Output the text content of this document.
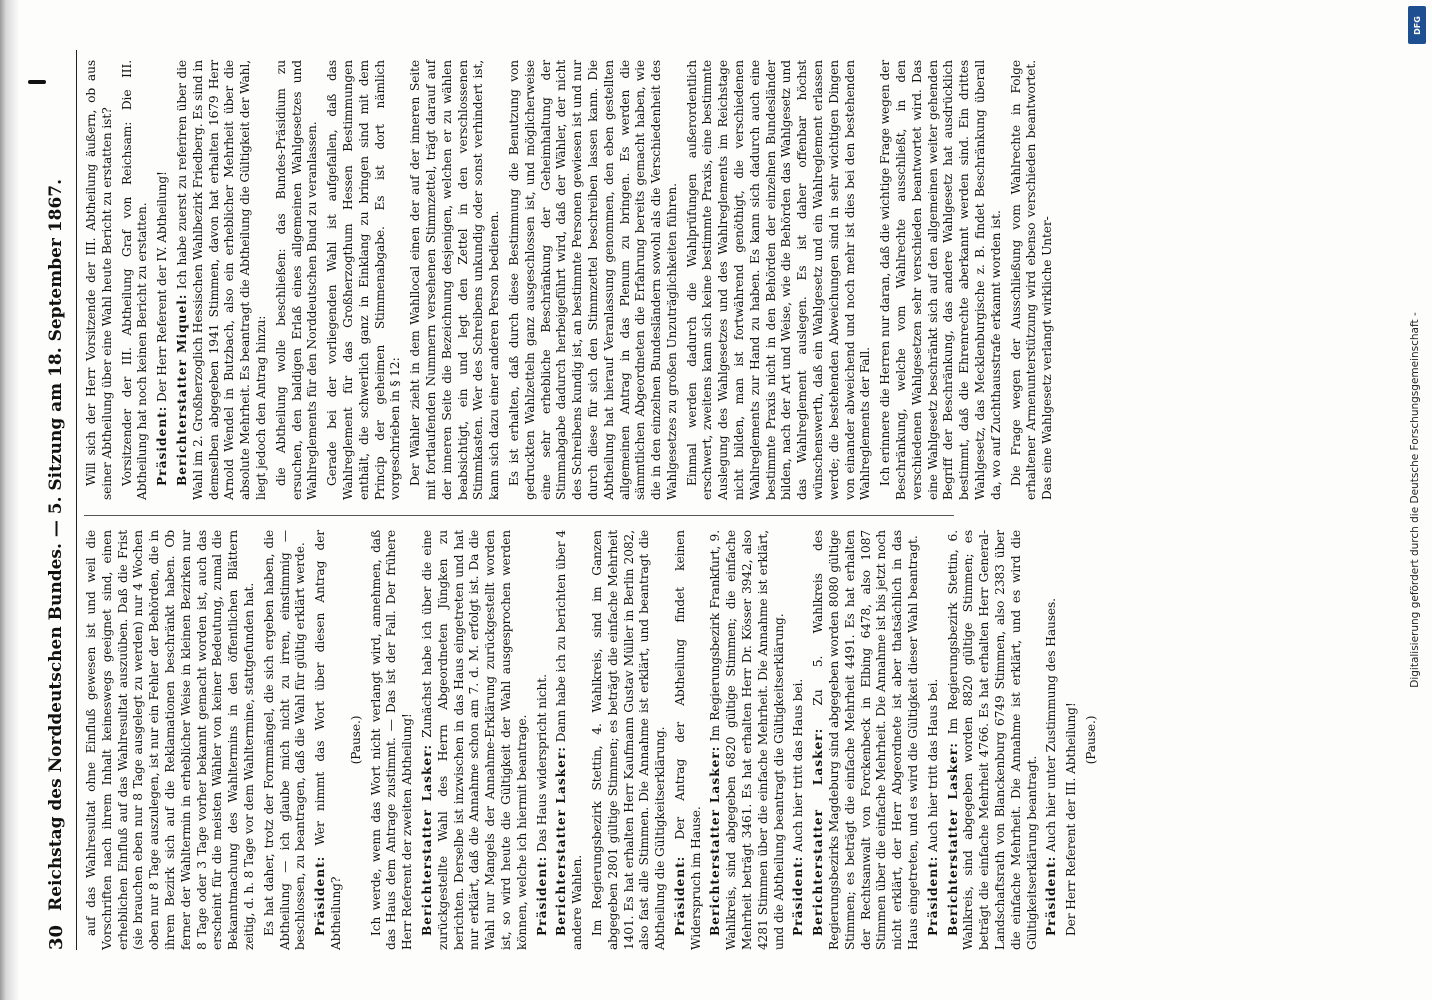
30
Reichstag des Norddeutschen Bundes. — 5. Sitzung am 18. September 1867. auf das Wahlresultat ohne Einfluß gewesen ist und weil die Vorschriften nach ihrem Inhalt keineswegs geeignet sind, einen erheblichen Einfluß auf das Wahlresultat auszuüben. Daß die Frist (sie brauchen eben nur 8 Tage ausgelegt zu werden) nur 4 Wochen oben nur 8 Tage auszulegen, ist nur ein Fehler der Behörden, die in ihrem Bezirk sich auf die Reklamationen beschränkt haben. Ob ferner der Wahltermin in erheblicher Weise in kleinen Bezirken nur 8 Tage oder 3 Tage vorher bekannt gemacht worden ist, auch das erscheint für die meisten Wähler von keiner Bedeutung, zumal die Bekanntmachung des Wahltermins in den öffentlichen Blättern zeitig, d. h. 8 Tage vor dem Wahltermine, stattgefunden hat. Es hat daher, trotz der Formmängel, die sich ergeben haben, die Abtheilung — ich glaube mich nicht zu irren, einstimmig — beschlossen, zu beantragen, daß die Wahl für gültig erklärt werde. Präsident: Wer nimmt das Wort über diesen Antrag der Abtheilung?

(Pause.) Ich werde, wenn das Wort nicht verlangt wird, annehmen, daß das Haus dem Antrage zustimmt. — Das ist der Fall. Der frühere Herr Referent der zweiten Abtheilung! Berichterstatter Lasker: Zunächst habe ich über die eine zurückgestellte Wahl des Herrn Abgeordneten Jüngken zu berichten. Derselbe ist inzwischen in das Haus eingetreten und hat nur erklärt, daß die Annahme schon am 7. d. M. erfolgt ist. Da die Wahl nur Mangels der Annahme-Erklärung zurückgestellt worden ist, so wird heute die Gültigkeit der Wahl ausgesprochen werden können, welche ich hiermit beantrage. Präsident: Das Haus widerspricht nicht. Berichterstatter Lasker: Dann habe ich zu berichten über 4 andere Wahlen. Im Regierungsbezirk Stettin, 4. Wahlkreis, sind im Ganzen abgegeben 2801 gültige Stimmen; es beträgt die einfache Mehrheit 1401. Es hat erhalten Herr Kaufmann Gustav Müller in Berlin 2082, also fast alle Stimmen. Die Annahme ist erklärt, und beantragt die Abtheilung die Gültigkeitserklärung. Präsident: Der Antrag der Abtheilung findet keinen Widerspruch im Hause. Berichterstatter Lasker: Im Regierungsbezirk Frankfurt, 9. Wahlkreis, sind abgegeben 6820 gültige Stimmen; die einfache Mehrheit beträgt 3461. Es hat erhalten Herr Dr. Kösser 3942, also 4281 Stimmen über die einfache Mehrheit. Die Annahme ist erklärt, und die Abtheilung beantragt die Gültigkeitserklärung. Präsident: Auch hier tritt das Haus bei. Berichterstatter Lasker: Zu 5. Wahlkreis des Regierungsbezirks Magdeburg sind abgegeben worden 8080 gültige Stimmen; es beträgt die einfache Mehrheit 4491. Es hat erhalten der Rechtsanwalt von Forckenbeck in Elbing 6478, also 1087 Stimmen über die einfache Mehrheit. Die Annahme ist bis jetzt noch nicht erklärt, der Herr Abgeordnete ist aber thatsächlich in das Haus eingetreten, und es wird die Gültigkeit dieser Wahl beantragt. Präsident: Auch hier tritt das Haus bei. Berichterstatter Lasker: Im Regierungsbezirk Stettin, 6. Wahlkreis, sind abgegeben worden 8820 gültige Stimmen; es beträgt die einfache Mehrheit 4766. Es hat erhalten Herr General-Landschaftsrath von Blanckenburg 6749 Stimmen, also 2383 über die einfache Mehrheit. Die Annahme ist erklärt, und es wird die Gültigkeitserklärung beantragt. Präsident: Auch hier unter Zustimmung des Hauses. Der Herr Referent der III. Abtheilung! (Pause.)

Will sich der Herr Vorsitzende der III. Abtheilung äußern, ob aus seiner Abtheilung über eine Wahl heute Bericht zu erstatten ist? Vorsitzender der III. Abtheilung Graf von Reichsam: Die III. Abtheilung hat noch keinen Bericht zu erstatten. Präsident: Der Herr Referent der IV. Abtheilung! Berichterstatter Miquel: Ich habe zuerst zu referiren über die Wahl im 2. Großherzoglich Hessischen Wahlbezirk Friedberg. Es sind in demselben abgegeben 1941 Stimmen, davon hat erhalten 1679 Herr Arnold Wendel in Butzbach, also ein erheblicher Mehrheit über die absolute Mehrheit. Es beantragt die Abtheilung die Gültigkeit der Wahl, liegt jedoch den Antrag hinzu: die Abtheilung wolle beschließen: das Bundes-Präsidium zu ersuchen, den baldigen Erlaß eines allgemeinen Wahlgesetzes und Wahlreglements für den Norddeutschen Bund zu veranlassen. Gerade bei der vorliegenden Wahl ist aufgefallen, daß das Wahlreglement für das Großherzogthum Hessen Bestimmungen enthält, die schwerlich ganz in Einklang zu bringen sind mit dem Princip der geheimen Stimmenabgabe. Es ist dort nämlich vorgeschrieben in § 12: Der Wähler zieht in dem Wahllocal einen der auf der inneren Seite mit fortlaufenden Nummern versehenen Stimmzettel, trägt darauf auf der inneren Seite die Bezeichnung desjenigen, welchen er zu wählen beabsichtigt, ein und legt den Zettel in den verschlossenen Stimmkasten. Wer des Schreibens unkundig oder sonst verhindert ist, kann sich dazu einer anderen Person bedienen. Es ist erhalten, daß durch diese Bestimmung die Benutzung von gedruckten Wahlzetteln ganz ausgeschlossen ist, und möglicherweise eine sehr erhebliche Beschränkung der Geheimhaltung der Stimmabgabe dadurch herbeigeführt wird, daß der Wähler, der nicht des Schreibens kundig ist, an bestimmte Personen gewiesen ist und nur durch diese für sich den Stimmzettel beschreiben lassen kann. Die Abtheilung hat hierauf Veranlassung genommen, den eben gestellten allgemeinen Antrag in das Plenum zu bringen. Es werden die sämmtlichen Abgeordneten die Erfahrung bereits gemacht haben, wie die in den einzelnen Bundesländern sowohl als die Verschiedenheit des Wahlgesetzes zu großen Unzuträglichkeiten führen. Einmal werden dadurch die Wahlprüfungen außerordentlich erschwert, zweitens kann sich keine bestimmte Praxis, eine bestimmte Auslegung des Wahlgesetzes und des Wahlreglements im Reichstage nicht bilden, man ist fortwährend genöthigt, die verschiedenen Wahlreglements zur Hand zu haben. Es kann sich dadurch auch eine bestimmte Praxis nicht in den Behörden der einzelnen Bundesländer bilden, nach der Art und Weise, wie die Behörden das Wahlgesetz und das Wahlreglement auslegen. Es ist daher offenbar höchst wünschenswerth, daß ein Wahlgesetz und ein Wahlreglement erlassen werde; die bestehenden Abweichungen sind in sehr wichtigen Dingen von einander abweichend und noch mehr ist dies bei den bestehenden Wahlreglements der Fall. Ich erinnere die Herren nur daran, daß die wichtige Frage wegen der Beschränkung, welche vom Wahlrechte ausschließt, in den verschiedenen Wahlgesetzen sehr verschieden beantwortet wird. Das eine Wahlgesetz beschränkt sich auf den allgemeinen weiter gehenden Begriff der Beschränkung, das andere Wahlgesetz hat ausdrücklich bestimmt, daß die Ehrenrechte aberkannt werden sind. Ein drittes Wahlgesetz, das Mecklenburgische z. B. findet Beschränkung überall da, wo auf Zuchthausstrafe erkannt worden ist. Die Frage wegen der Ausschließung vom Wahlrechte in Folge erhaltener Armenunterstützung wird ebenso verschieden beantwortet. Das eine Wahlgesetz verlangt wirkliche Unter-	Digitalisierung gefördert durch die Deutsche Forschungsgemeinschaft -
DFG
